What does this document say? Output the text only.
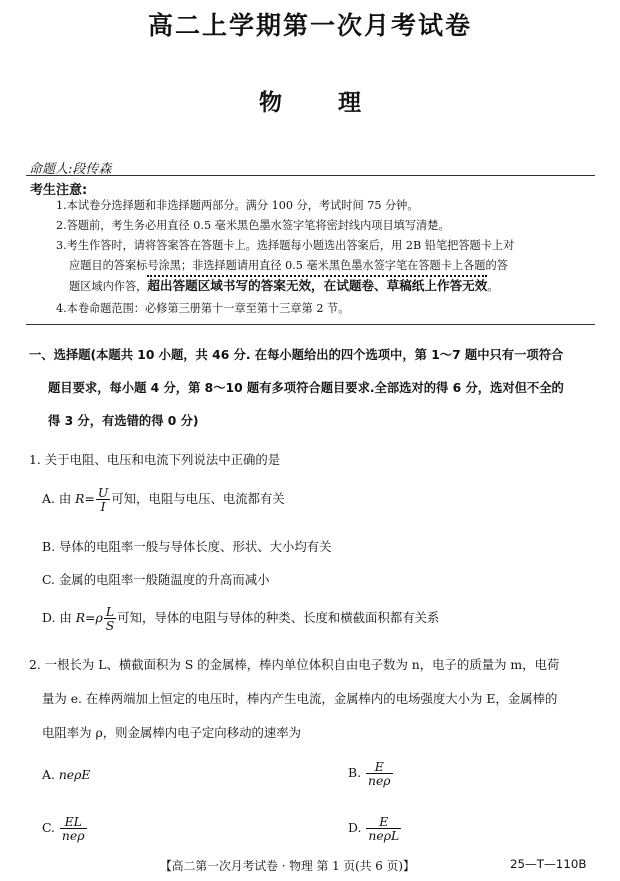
高二上学期第一次月考试卷
物 理
命题人:段传森
考生注意:
1.本试卷分选择题和非选择题两部分。满分 100 分，考试时间 75 分钟。
2.答题前，考生务必用直径 0.5 毫米黑色墨水签字笔将密封线内项目填写清楚。
3.考生作答时，请将答案答在答题卡上。选择题每小题选出答案后，用 2B 铅笔把答题卡上对
应题目的答案标号涂黑；非选择题请用直径 0.5 毫米黑色墨水签字笔在答题卡上各题的答
题区域内作答，超出答题区域书写的答案无效，在试题卷、草稿纸上作答无效。
4.本卷命题范围：必修第三册第十一章至第十三章第 2 节。
一、选择题(本题共 10 小题，共 46 分. 在每小题给出的四个选项中，第 1～7 题中只有一项符合
题目要求，每小题 4 分，第 8～10 题有多项符合题目要求.全部选对的得 6 分，选对但不全的
得 3 分，有选错的得 0 分)
1. 关于电阻、电压和电流下列说法中正确的是
A. 由 $R= \frac{U}{I}$ 可知，电阻与电压、电流都有关
B. 导体的电阻率一般与导体长度、形状、大小均有关
C. 金属的电阻率一般随温度的升高而减小
D. 由 $R=\rho \frac{L}{S}$ 可知，导体的电阻与导体的种类、长度和横截面积都有关系
2. 一根长为 L、横截面积为 S 的金属棒，棒内单位体积自由电子数为 n，电子的质量为 m，电荷
量为 e. 在棒两端加上恒定的电压时，棒内产生电流，金属棒内的电场强度大小为 E，金属棒的
电阻率为 ρ，则金属棒内电子定向移动的速率为
A. neρE	B. $\frac{E}{\text{neρ}}$
C. $\frac{EL}{\text{neρ}}$	D. $\frac{E}{\text{neρL}}$
【高二第一次月考试卷 · 物理 第 1 页(共 6 页)】	25—T—110B
